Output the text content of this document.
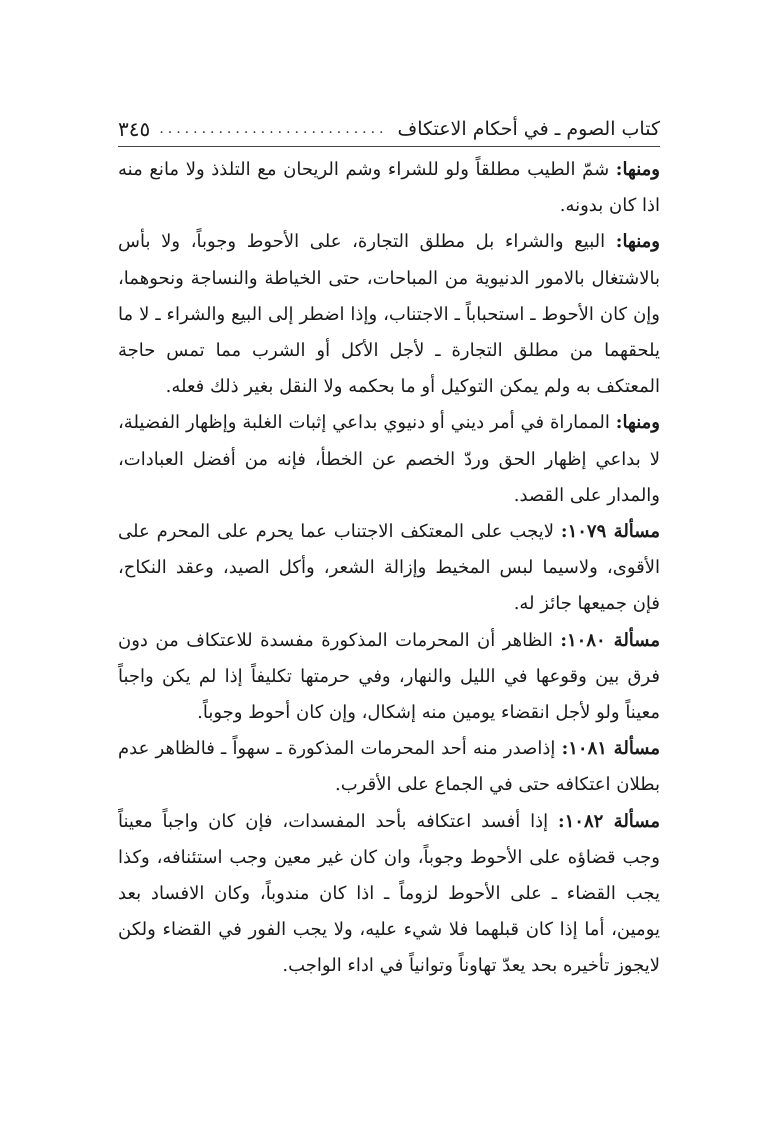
كتاب الصوم ـ في أحكام الاعتكاف
.....
٣٤٥

ومنها: شمّ الطيب مطلقاً ولو للشراء وشم الريحان مع التلذذ ولا مانع منه اذا كان بدونه.

ومنها: البيع والشراء بل مطلق التجارة، على الأحوط وجوباً، ولا بأس بالاشتغال بالامور الدنيوية من المباحات، حتى الخياطة والنساجة ونحوهما، وإن كان الأحوط ـ استحباباً ـ الاجتناب، وإذا اضطر إلى البيع والشراء ـ لا ما يلحقهما من مطلق التجارة ـ لأجل الأكل أو الشرب مما تمس حاجة المعتكف به ولم يمكن التوكيل أو ما بحكمه ولا النقل بغير ذلك فعله.

ومنها: المماراة في أمر ديني أو دنيوي بداعي إثبات الغلبة وإظهار الفضيلة، لا بداعي إظهار الحق وردّ الخصم عن الخطأ، فإنه من أفضل العبادات، والمدار على القصد.

مسألة ١٠٧٩: لايجب على المعتكف الاجتناب عما يحرم على المحرم على الأقوى، ولاسيما لبس المخيط وإزالة الشعر، وأكل الصيد، وعقد النكاح، فإن جميعها جائز له.

مسألة ١٠٨٠: الظاهر أن المحرمات المذكورة مفسدة للاعتكاف من دون فرق بين وقوعها في الليل والنهار، وفي حرمتها تكليفاً إذا لم يكن واجباً معيناً ولو لأجل انقضاء يومين منه إشكال، وإن كان أحوط وجوباً.

مسألة ١٠٨١: إذاصدر منه أحد المحرمات المذكورة ـ سهواً ـ فالظاهر عدم بطلان اعتكافه حتى في الجماع على الأقرب.

مسألة ١٠٨٢: إذا أفسد اعتكافه بأحد المفسدات، فإن كان واجباً معيناً وجب قضاؤه على الأحوط وجوباً، وان كان غير معين وجب استئنافه، وكذا يجب القضاء ـ على الأحوط لزوماً ـ اذا كان مندوباً، وكان الافساد بعد يومين، أما إذا كان قبلهما فلا شيء عليه، ولا يجب الفور في القضاء ولكن لايجوز تأخيره بحد يعدّ تهاوناً وتوانياً في اداء الواجب.
